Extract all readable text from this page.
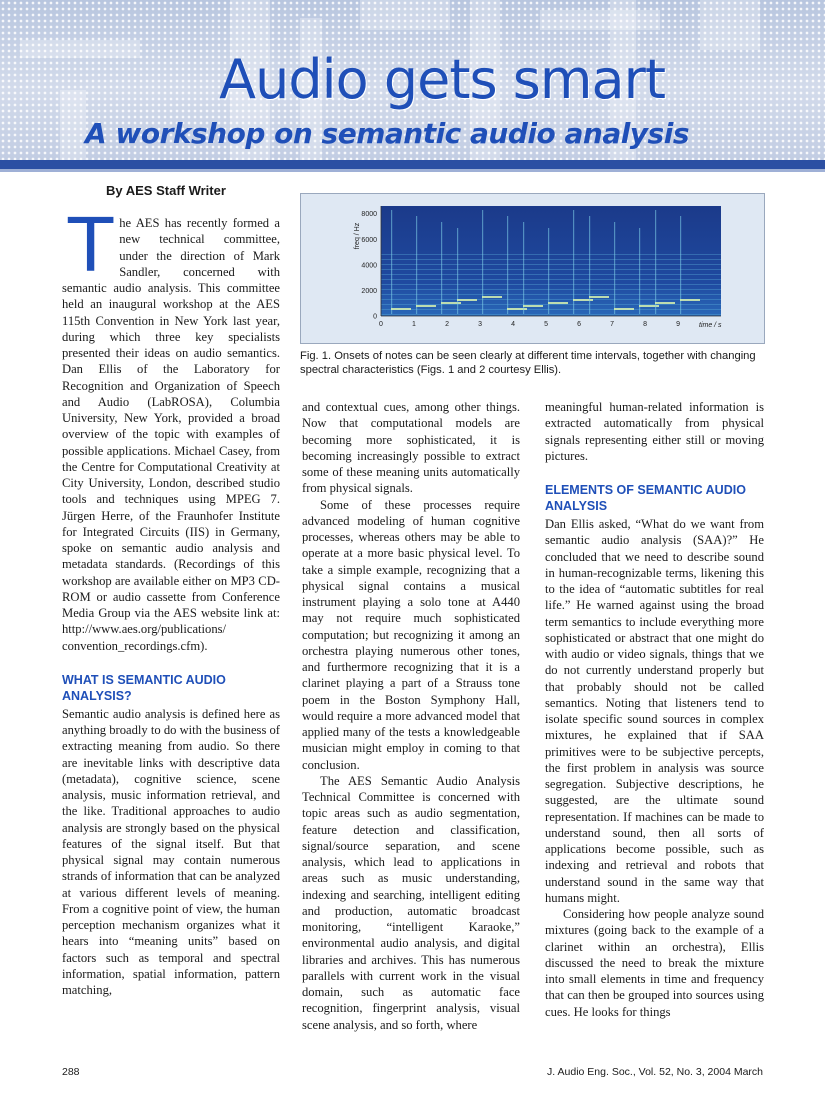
Audio gets smart
A workshop on semantic audio analysis
By AES Staff Writer
T he AES has recently formed a new technical committee, under the direction of Mark Sandler, concerned with semantic audio analysis. This committee held an inaugural workshop at the AES 115th Convention in New York last year, during which three key specialists presented their ideas on audio semantics. Dan Ellis of the Laboratory for Recognition and Organization of Speech and Audio (LabROSA), Columbia University, New York, provided a broad overview of the topic with examples of possible applications. Michael Casey, from the Centre for Computational Creativity at City University, London, described studio tools and techniques using MPEG 7. Jürgen Herre, of the Fraunhofer Institute for Integrated Circuits (IIS) in Germany, spoke on semantic audio analysis and metadata standards. (Recordings of this workshop are available either on MP3 CD-ROM or audio cassette from Conference Media Group via the AES website link at: http://www.aes.org/publications/ convention_recordings.cfm).

WHAT IS SEMANTIC AUDIO ANALYSIS?

Semantic audio analysis is defined here as anything broadly to do with the business of extracting meaning from audio. So there are inevitable links with descriptive data (metadata), cognitive science, scene analysis, music information retrieval, and the like. Traditional approaches to audio analysis are strongly based on the physical features of the signal itself. But that physical signal may contain numerous strands of information that can be analyzed at various different levels of meaning. From a cognitive point of view, the human perception mechanism organizes what it hears into “meaning units” based on factors such as temporal and spectral information, spatial information, pattern matching,

0
2000
4000
6000
8000
0	1	2	3	4	5	6	7	8	9
freq / Hz
time / s
Fig. 1. Onsets of notes can be seen clearly at different time intervals, together with changing spectral characteristics (Figs. 1 and 2 courtesy Ellis).

and contextual cues, among other things. Now that computational models are becoming more sophisticated, it is becoming increasingly possible to extract some of these meaning units automatically from physical signals.

Some of these processes require advanced modeling of human cognitive processes, whereas others may be able to operate at a more basic physical level. To take a simple example, recognizing that a physical signal contains a musical instrument playing a solo tone at A440 may not require much sophisticated computation; but recognizing it among an orchestra playing numerous other tones, and furthermore recognizing that it is a clarinet playing a part of a Strauss tone poem in the Boston Symphony Hall, would require a more advanced model that applied many of the tests a knowledgeable musician might employ in coming to that conclusion.

The AES Semantic Audio Analysis Technical Committee is concerned with topic areas such as audio segmentation, feature detection and classification, signal/source separation, and scene analysis, which lead to applications in areas such as music understanding, indexing and searching, intelligent editing and production, automatic broadcast monitoring, “intelligent Karaoke,” environmental audio analysis, and digital libraries and archives. This has numerous parallels with current work in the visual domain, such as automatic face recognition, fingerprint analysis, visual scene analysis, and so forth, where

meaningful human-related information is extracted automatically from physical signals representing either still or moving pictures.

ELEMENTS OF SEMANTIC AUDIO ANALYSIS

Dan Ellis asked, “What do we want from semantic audio analysis (SAA)?” He concluded that we need to describe sound in human-recognizable terms, likening this to the idea of “automatic subtitles for real life.” He warned against using the broad term semantics to include everything more sophisticated or abstract that one might do with audio or video signals, things that we do not currently understand properly but that probably should not be called semantics. Noting that listeners tend to isolate specific sound sources in complex mixtures, he explained that if SAA primitives were to be subjective percepts, the first problem in analysis was source segregation. Subjective descriptions, he suggested, are the ultimate sound representation. If machines can be made to understand sound, then all sorts of applications become possible, such as indexing and retrieval and robots that understand sound in the same way that humans might.

Considering how people analyze sound mixtures (going back to the example of a clarinet within an orchestra), Ellis discussed the need to break the mixture into small elements in time and frequency that can then be grouped into sources using cues. He looks for things

288	J. Audio Eng. Soc., Vol. 52, No. 3, 2004 March
